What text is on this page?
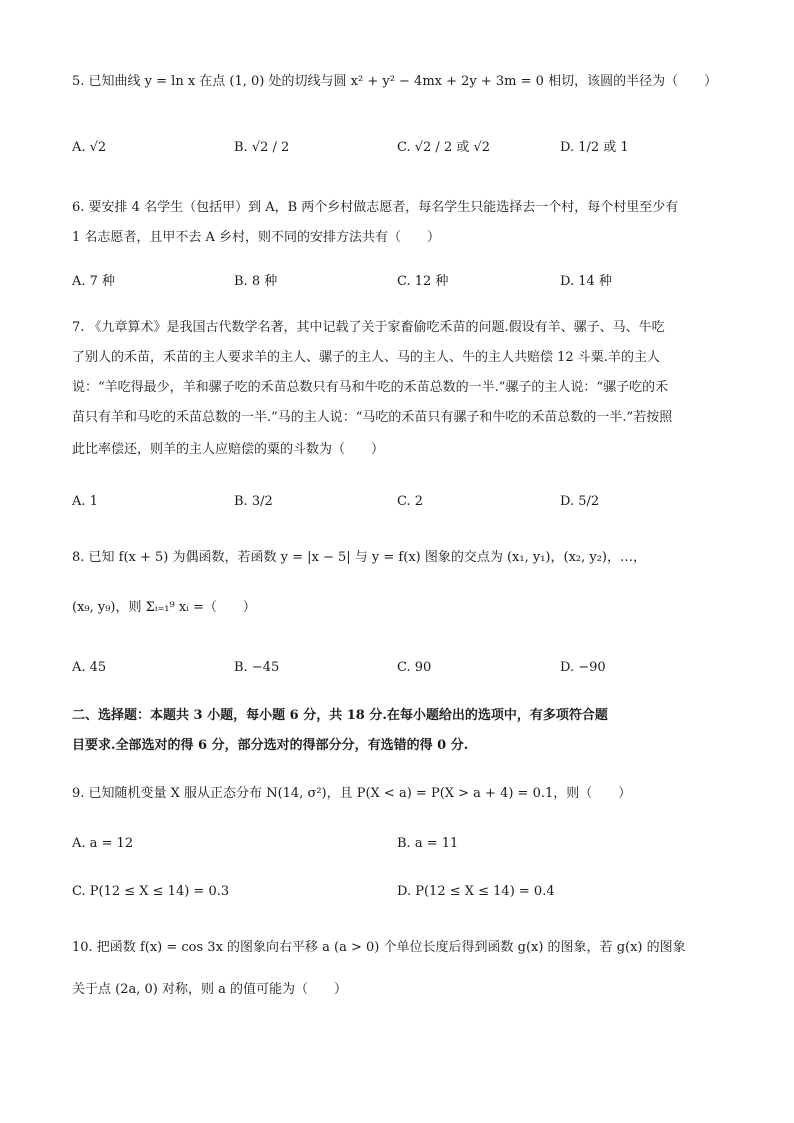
5. 已知曲线 y = ln x 在点 (1, 0) 处的切线与圆 x² + y² − 4mx + 2y + 3m = 0 相切，该圆的半径为（　　）
A. √2	B. √2 / 2	C. √2 / 2 或 √2	D. 1/2 或 1
6. 要安排 4 名学生（包括甲）到 A，B 两个乡村做志愿者，每名学生只能选择去一个村，每个村里至少有
1 名志愿者，且甲不去 A 乡村，则不同的安排方法共有（　　）
A. 7 种	B. 8 种	C. 12 种	D. 14 种
7. 《九章算术》是我国古代数学名著，其中记载了关于家畜偷吃禾苗的问题.假设有羊、骡子、马、牛吃
了别人的禾苗，禾苗的主人要求羊的主人、骡子的主人、马的主人、牛的主人共赔偿 12 斗粟.羊的主人
说：“羊吃得最少，羊和骡子吃的禾苗总数只有马和牛吃的禾苗总数的一半.”骡子的主人说：“骡子吃的禾
苗只有羊和马吃的禾苗总数的一半.”马的主人说：“马吃的禾苗只有骡子和牛吃的禾苗总数的一半.”若按照
此比率偿还，则羊的主人应赔偿的粟的斗数为（　　）
A. 1	B. 3/2	C. 2	D. 5/2
8. 已知 f(x + 5) 为偶函数，若函数 y = |x − 5| 与 y = f(x) 图象的交点为 (x₁, y₁)，(x₂, y₂)，…，
(x₉, y₉)，则 Σᵢ₌₁⁹ xᵢ =（　　）
A. 45	B. −45	C. 90	D. −90
二、选择题：本题共 3 小题，每小题 6 分，共 18 分.在每小题给出的选项中，有多项符合题
目要求.全部选对的得 6 分，部分选对的得部分分，有选错的得 0 分.
9. 已知随机变量 X 服从正态分布 N(14, σ²)，且 P(X < a) = P(X > a + 4) = 0.1，则（　　）
A. a = 12	B. a = 11
C. P(12 ≤ X ≤ 14) = 0.3	D. P(12 ≤ X ≤ 14) = 0.4
10. 把函数 f(x) = cos 3x 的图象向右平移 a (a > 0) 个单位长度后得到函数 g(x) 的图象，若 g(x) 的图象
关于点 (2a, 0) 对称，则 a 的值可能为（　　）
